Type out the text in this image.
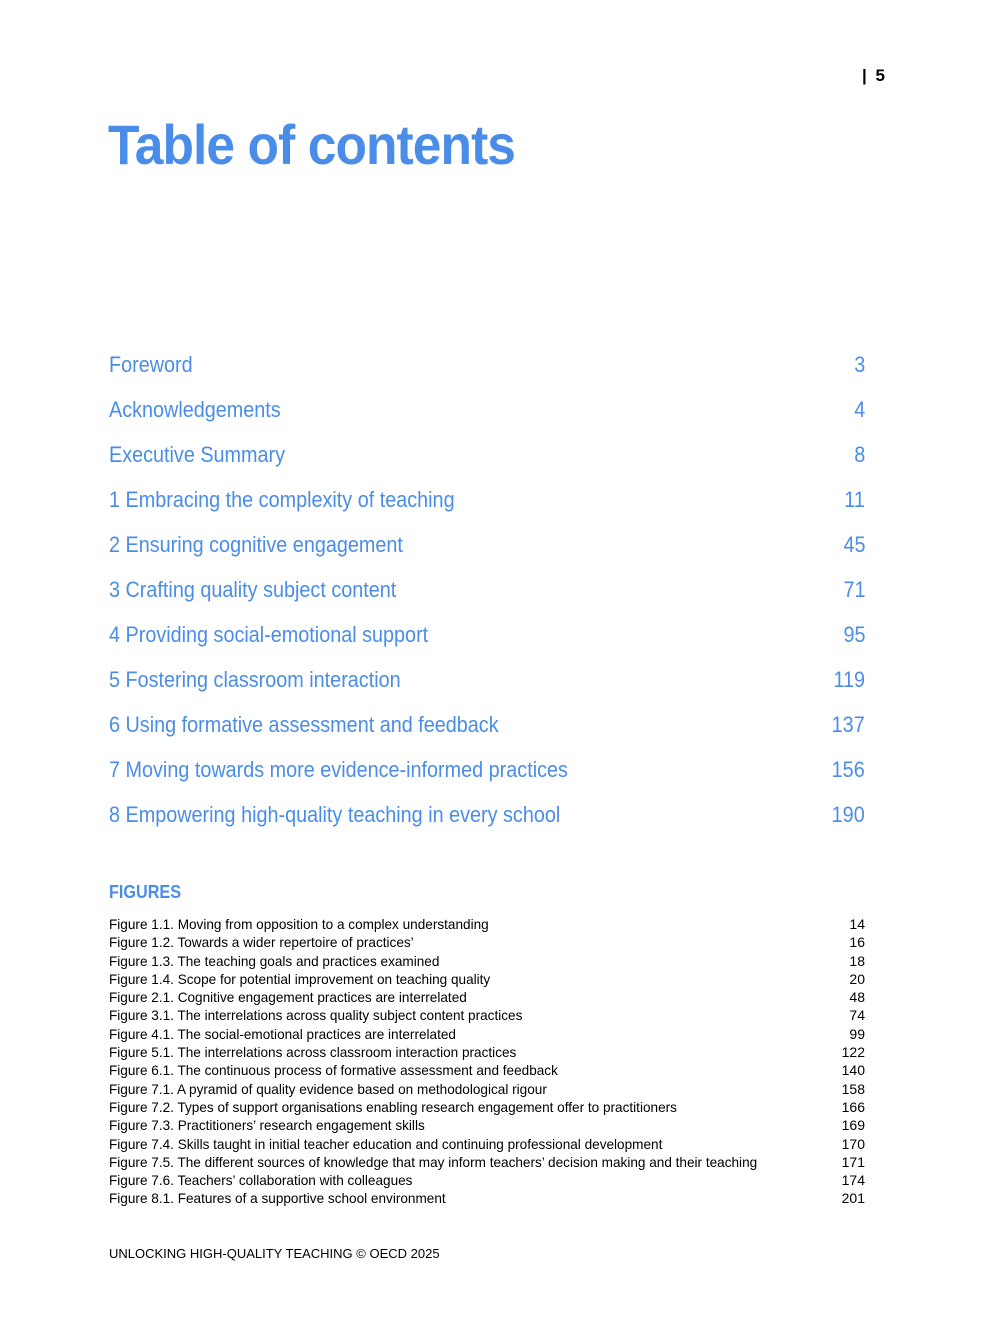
| 5
Table of contents
Foreword	3
Acknowledgements	4
Executive Summary	8
1 Embracing the complexity of teaching	11
2 Ensuring cognitive engagement	45
3 Crafting quality subject content	71
4 Providing social-emotional support	95
5 Fostering classroom interaction	119
6 Using formative assessment and feedback	137
7 Moving towards more evidence-informed practices	156
8 Empowering high-quality teaching in every school	190
FIGURES
Figure 1.1. Moving from opposition to a complex understanding	14
Figure 1.2. Towards a wider repertoire of practices’	16
Figure 1.3. The teaching goals and practices examined	18
Figure 1.4. Scope for potential improvement on teaching quality	20
Figure 2.1. Cognitive engagement practices are interrelated	48
Figure 3.1. The interrelations across quality subject content practices	74
Figure 4.1. The social-emotional practices are interrelated	99
Figure 5.1. The interrelations across classroom interaction practices	122
Figure 6.1. The continuous process of formative assessment and feedback	140
Figure 7.1. A pyramid of quality evidence based on methodological rigour	158
Figure 7.2. Types of support organisations enabling research engagement offer to practitioners	166
Figure 7.3. Practitioners’ research engagement skills	169
Figure 7.4. Skills taught in initial teacher education and continuing professional development	170
Figure 7.5. The different sources of knowledge that may inform teachers’ decision making and their teaching	171
Figure 7.6. Teachers’ collaboration with colleagues	174
Figure 8.1. Features of a supportive school environment	201
UNLOCKING HIGH-QUALITY TEACHING © OECD 2025
